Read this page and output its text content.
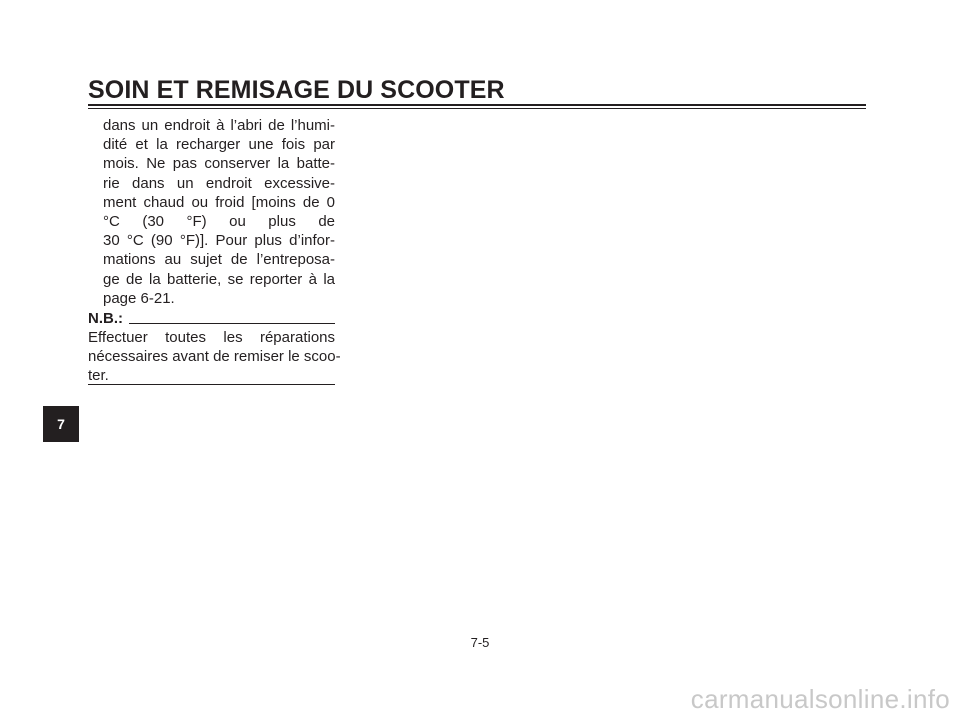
SOIN ET REMISAGE DU SCOOTER

dans un endroit à l’abri de l’humi-
dité et la recharger une fois par
mois. Ne pas conserver la batte-
rie dans un endroit excessive-
ment chaud ou froid [moins de 0
°C (30 °F) ou plus de
30 °C (90 °F)]. Pour plus d’infor-
mations au sujet de l’entreposa-
ge de la batterie, se reporter à la
page 6-21.

N.B.:
Effectuer toutes les réparations
nécessaires avant de remiser le scoo-
ter.
7
7-5
carmanualsonline.info
